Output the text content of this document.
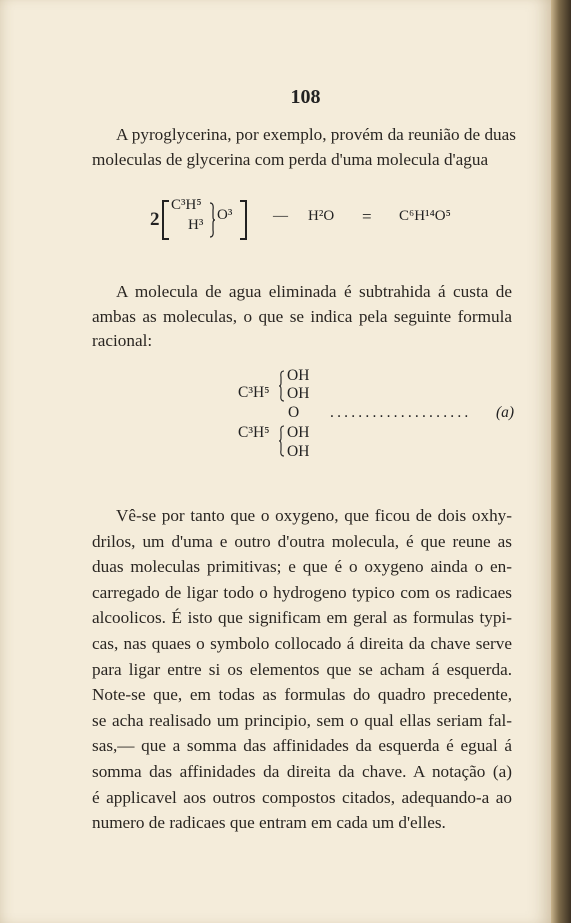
108
A pyroglycerina, por exemplo, provém da reunião de duas
moleculas de glycerina com perda d'uma molecula d'agua
2
C³H⁵
H³
O³	— H²O = C⁶H¹⁴O⁵
A molecula de agua eliminada é subtrahida á custa de
ambas as moleculas, o que se indica pela seguinte formula
racional:
OH
C³H⁵ OH
O .................... (a)
C³H⁵ OH
OH
Vê-se por tanto que o oxygeno, que ficou de dois oxhy-
drilos, um d'uma e outro d'outra molecula, é que reune as
duas moleculas primitivas; e que é o oxygeno ainda o en-
carregado de ligar todo o hydrogeno typico com os radicaes
alcoolicos. É isto que significam em geral as formulas typi-
cas, nas quaes o symbolo collocado á direita da chave serve
para ligar entre si os elementos que se acham á esquerda.
Note-se que, em todas as formulas do quadro precedente,
se acha realisado um principio, sem o qual ellas seriam fal-
sas,— que a somma das affinidades da esquerda é egual á
somma das affinidades da direita da chave. A notação (a)
é applicavel aos outros compostos citados, adequando-a ao
numero de radicaes que entram em cada um d'elles.
